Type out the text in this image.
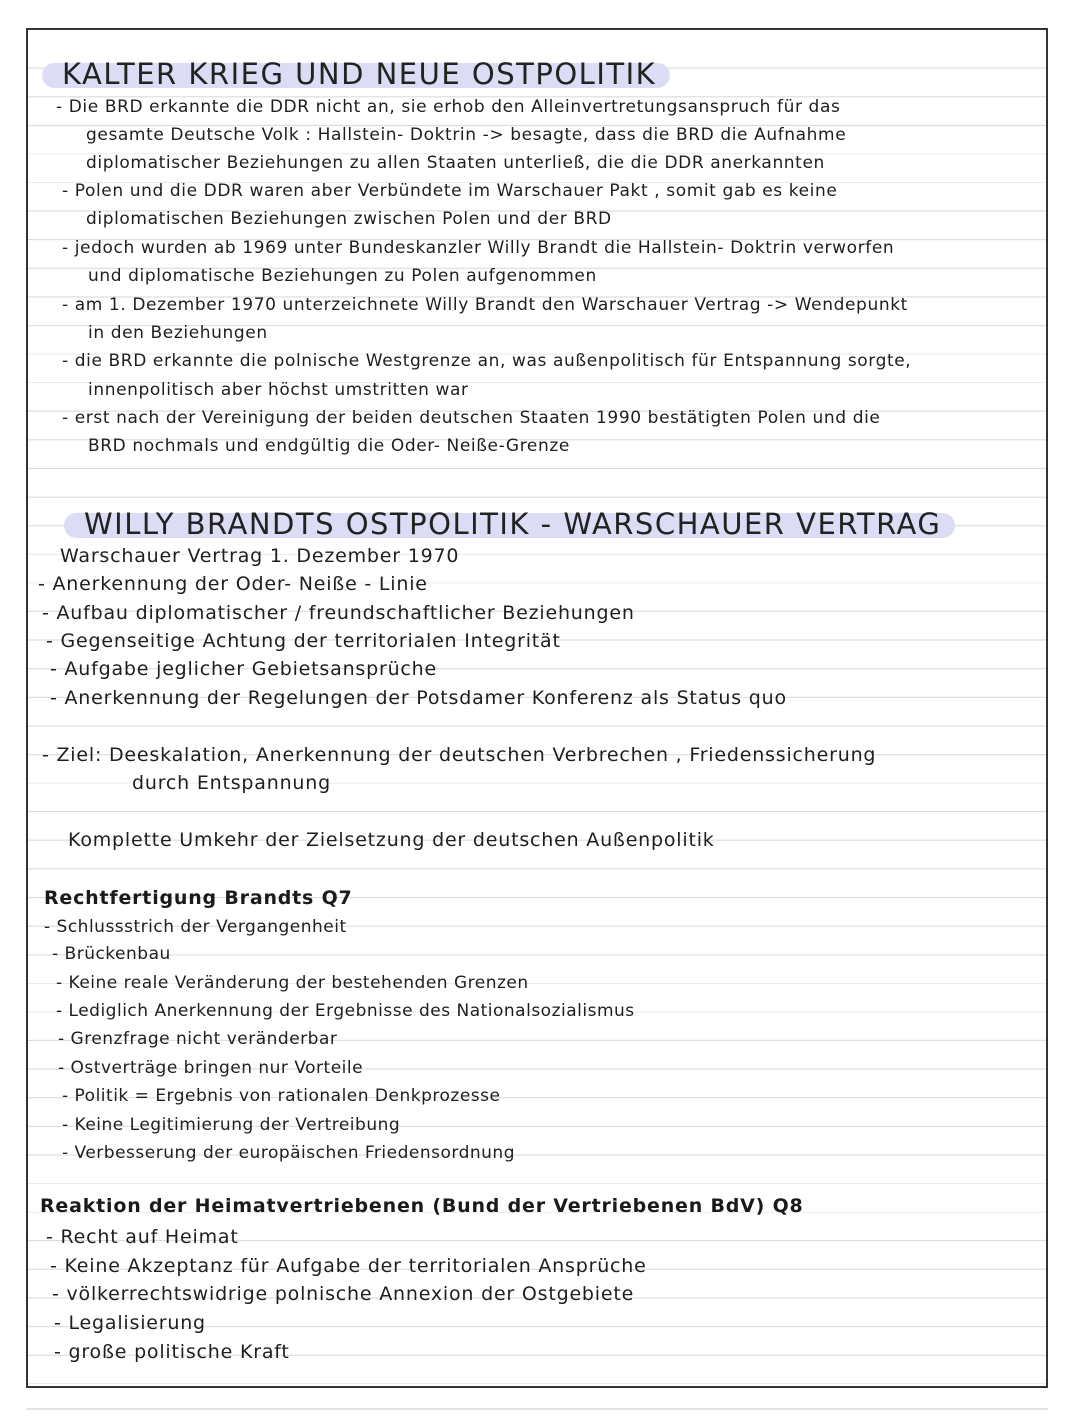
KALTER KRIEG UND NEUE OSTPOLITIK
- Die BRD erkannte die DDR nicht an, sie erhob den Alleinvertretungsanspruch für das
gesamte Deutsche Volk : Hallstein- Doktrin -> besagte, dass die BRD die Aufnahme
diplomatischer Beziehungen zu allen Staaten unterließ, die die DDR anerkannten
- Polen und die DDR waren aber Verbündete im Warschauer Pakt , somit gab es keine
diplomatischen Beziehungen zwischen Polen und der BRD
- jedoch wurden ab 1969 unter Bundeskanzler Willy Brandt die Hallstein- Doktrin verworfen
und diplomatische Beziehungen zu Polen aufgenommen
- am 1. Dezember 1970 unterzeichnete Willy Brandt den Warschauer Vertrag -> Wendepunkt
in den Beziehungen
- die BRD erkannte die polnische Westgrenze an, was außenpolitisch für Entspannung sorgte,
innenpolitisch aber höchst umstritten war
- erst nach der Vereinigung der beiden deutschen Staaten 1990 bestätigten Polen und die
BRD nochmals und endgültig die Oder- Neiße-Grenze
WILLY BRANDTS OSTPOLITIK - WARSCHAUER VERTRAG
Warschauer Vertrag 1. Dezember 1970
- Anerkennung der Oder- Neiße - Linie
- Aufbau diplomatischer / freundschaftlicher Beziehungen
- Gegenseitige Achtung der territorialen Integrität
- Aufgabe jeglicher Gebietsansprüche
- Anerkennung der Regelungen der Potsdamer Konferenz als Status quo
- Ziel: Deeskalation, Anerkennung der deutschen Verbrechen , Friedenssicherung
durch Entspannung
Komplette Umkehr der Zielsetzung der deutschen Außenpolitik
Rechtfertigung Brandts Q7
- Schlussstrich der Vergangenheit
- Brückenbau
- Keine reale Veränderung der bestehenden Grenzen
- Lediglich Anerkennung der Ergebnisse des Nationalsozialismus
- Grenzfrage nicht veränderbar
- Ostverträge bringen nur Vorteile
- Politik = Ergebnis von rationalen Denkprozesse
- Keine Legitimierung der Vertreibung
- Verbesserung der europäischen Friedensordnung
Reaktion der Heimatvertriebenen (Bund der Vertriebenen BdV) Q8
- Recht auf Heimat
- Keine Akzeptanz für Aufgabe der territorialen Ansprüche
- völkerrechtswidrige polnische Annexion der Ostgebiete
- Legalisierung
- große politische Kraft
